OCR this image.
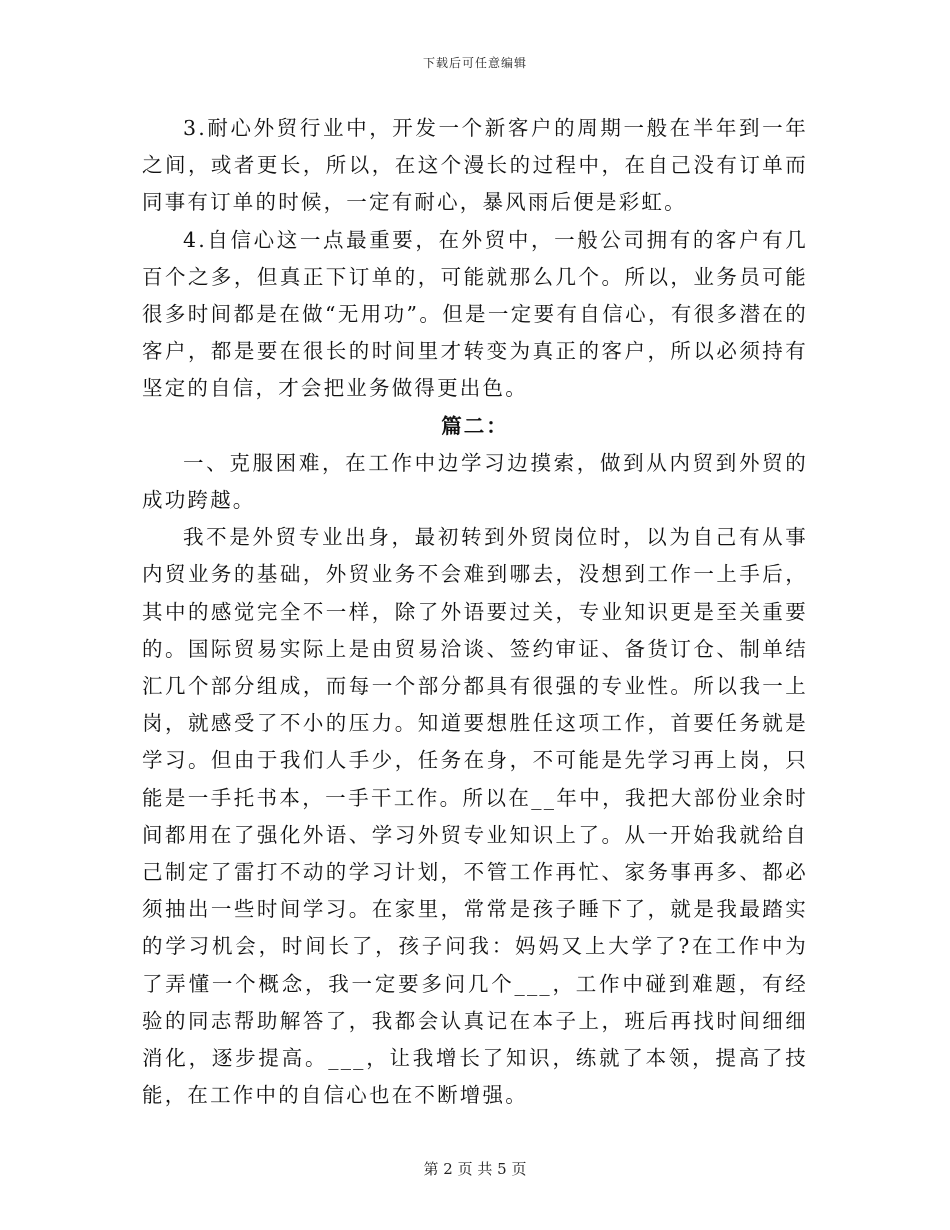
下载后可任意编辑

3.耐心外贸行业中，开发一个新客户的周期一般在半年到一年之间，或者更长，所以，在这个漫长的过程中，在自己没有订单而同事有订单的时候，一定有耐心，暴风雨后便是彩虹。

4.自信心这一点最重要，在外贸中，一般公司拥有的客户有几百个之多，但真正下订单的，可能就那么几个。所以，业务员可能很多时间都是在做“无用功”。但是一定要有自信心，有很多潜在的客户，都是要在很长的时间里才转变为真正的客户，所以必须持有坚定的自信，才会把业务做得更出色。

篇二：

一、克服困难，在工作中边学习边摸索，做到从内贸到外贸的成功跨越。

我不是外贸专业出身，最初转到外贸岗位时，以为自己有从事内贸业务的基础，外贸业务不会难到哪去，没想到工作一上手后，其中的感觉完全不一样，除了外语要过关，专业知识更是至关重要的。国际贸易实际上是由贸易洽谈、签约审证、备货订仓、制单结汇几个部分组成，而每一个部分都具有很强的专业性。所以我一上岗，就感受了不小的压力。知道要想胜任这项工作，首要任务就是学习。但由于我们人手少，任务在身，不可能是先学习再上岗，只能是一手托书本，一手干工作。所以在__年中，我把大部份业余时间都用在了强化外语、学习外贸专业知识上了。从一开始我就给自己制定了雷打不动的学习计划，不管工作再忙、家务事再多、都必须抽出一些时间学习。在家里，常常是孩子睡下了，就是我最踏实的学习机会，时间长了，孩子问我：妈妈又上大学了?在工作中为了弄懂一个概念，我一定要多问几个___，工作中碰到难题，有经验的同志帮助解答了，我都会认真记在本子上，班后再找时间细细消化，逐步提高。___，让我增长了知识，练就了本领，提高了技能，在工作中的自信心也在不断增强。

第 2 页 共 5 页
